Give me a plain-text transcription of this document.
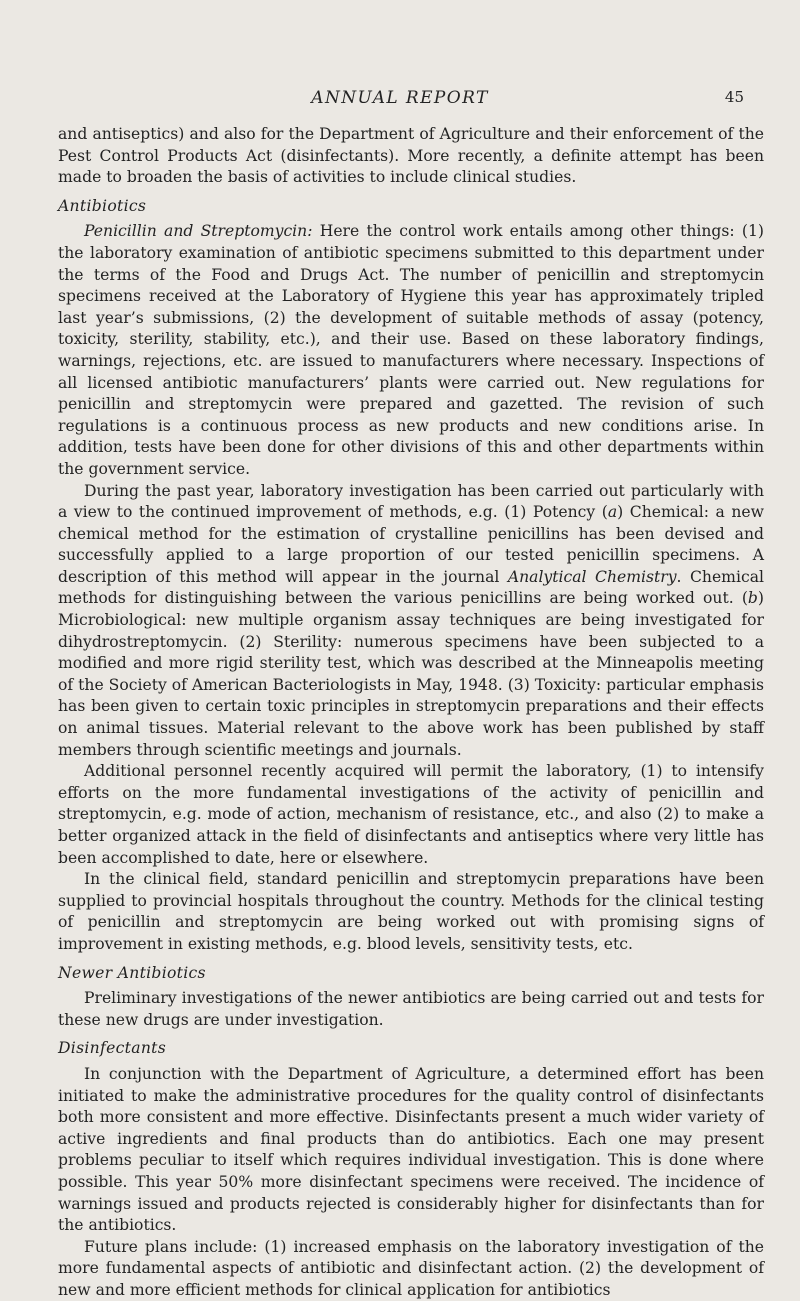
ANNUAL REPORT	45

and antiseptics) and also for the Department of Agriculture and their enforcement of the Pest Control Products Act (disinfectants). More recently, a definite attempt has been made to broaden the basis of activities to include clinical studies.

Antibiotics

Penicillin and Streptomycin: Here the control work entails among other things: (1) the laboratory examination of antibiotic specimens submitted to this department under the terms of the Food and Drugs Act. The number of penicillin and streptomycin specimens received at the Laboratory of Hygiene this year has approximately tripled last year’s submissions, (2) the development of suitable methods of assay (potency, toxicity, sterility, stability, etc.), and their use. Based on these laboratory findings, warnings, rejections, etc. are issued to manufacturers where necessary. Inspections of all licensed antibiotic manufacturers’ plants were carried out. New regulations for penicillin and streptomycin were prepared and gazetted. The revision of such regulations is a continuous process as new products and new conditions arise. In addition, tests have been done for other divisions of this and other departments within the government service.

During the past year, laboratory investigation has been carried out particularly with a view to the continued improvement of methods, e.g. (1) Potency (a) Chemical: a new chemical method for the estimation of crystalline penicillins has been devised and successfully applied to a large proportion of our tested penicillin specimens. A description of this method will appear in the journal Analytical Chemistry. Chemical methods for distinguishing between the various penicillins are being worked out. (b) Microbiological: new multiple organism assay techniques are being investigated for dihydrostreptomycin. (2) Sterility: numerous specimens have been subjected to a modified and more rigid sterility test, which was described at the Minneapolis meeting of the Society of American Bacteriologists in May, 1948. (3) Toxicity: particular emphasis has been given to certain toxic principles in streptomycin preparations and their effects on animal tissues. Material relevant to the above work has been published by staff members through scientific meetings and journals.

Additional personnel recently acquired will permit the laboratory, (1) to intensify efforts on the more fundamental investigations of the activity of penicillin and streptomycin, e.g. mode of action, mechanism of resistance, etc., and also (2) to make a better organized attack in the field of disinfectants and antiseptics where very little has been accomplished to date, here or elsewhere.

In the clinical field, standard penicillin and streptomycin preparations have been supplied to provincial hospitals throughout the country. Methods for the clinical testing of penicillin and streptomycin are being worked out with promising signs of improvement in existing methods, e.g. blood levels, sensitivity tests, etc.

Newer Antibiotics

Preliminary investigations of the newer antibiotics are being carried out and tests for these new drugs are under investigation.

Disinfectants

In conjunction with the Department of Agriculture, a determined effort has been initiated to make the administrative procedures for the quality control of disinfectants both more consistent and more effective. Disinfectants present a much wider variety of active ingredients and final products than do antibiotics. Each one may present problems peculiar to itself which requires individual investigation. This is done where possible. This year 50% more disinfectant specimens were received. The incidence of warnings issued and products rejected is considerably higher for disinfectants than for the antibiotics.

Future plans include: (1) increased emphasis on the laboratory investigation of the more fundamental aspects of antibiotic and disinfectant action. (2) the development of new and more efficient methods for clinical application for antibiotics
